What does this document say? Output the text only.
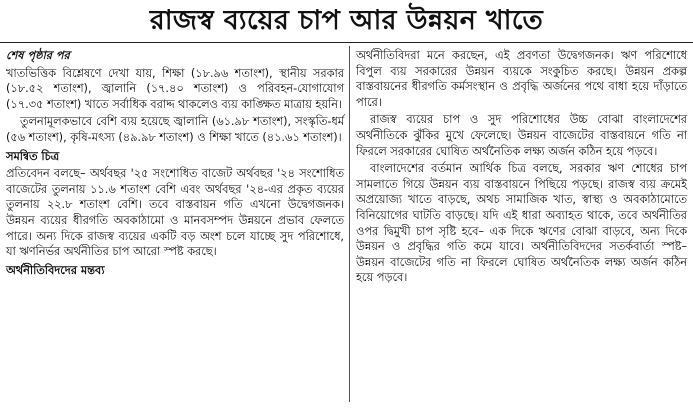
রাজস্ব ব্যয়ের চাপ আর উন্নয়ন খাতে
শেষ পৃষ্ঠার পর

খাতভিত্তিক বিশ্লেষণে দেখা যায়, শিক্ষা (১৮.৯৬ শতাংশ), স্থানীয় সরকার (১৮.৫২ শতাংশ), জ্বালানি (১৭.৪০ শতাংশ) ও পরিবহন-যোগাযোগ (১৭.৩৫ শতাংশ) খাতে সর্বাধিক বরাদ্দ থাকলেও ব্যয় কাঙ্ক্ষিত মাত্রায় হয়নি।

তুলনামূলকভাবে বেশি ব্যয় হয়েছে জ্বালানি (৬১.৯৮ শতাংশ), সংস্কৃতি-ধর্ম (৫৬ শতাংশ), কৃষি-মৎস্য (৪৯.৯৮ শতাংশ) ও শিক্ষা খাতে (৪১.৬১ শতাংশ)।

সমন্বিত চিত্র

প্রতিবেদন বলছে– অর্থবছর '২৫ সংশোধিত বাজেট অর্থবছর '২৪ সংশোধিত বাজেটের তুলনায় ১১.৬ শতাংশ বেশি এবং অর্থবছর '২৪-এর প্রকৃত ব্যয়ের তুলনায় ২২.৮ শতাংশ বেশি। তবে বাস্তবায়ন গতি এখনো উদ্বেগজনক। উন্নয়ন ব্যয়ের ধীরগতি অবকাঠামো ও মানবসম্পদ উন্নয়নে প্রভাব ফেলতে পারে। অন্য দিকে রাজস্ব ব্যয়ের একটি বড় অংশ চলে যাচ্ছে সুদ পরিশোধে, যা ঋণনির্ভর অর্থনীতির চাপ আরো স্পষ্ট করছে।

অর্থনীতিবিদদের মন্তব্য

অর্থনীতিবিদরা মনে করছেন, এই প্রবণতা উদ্বেগজনক। ঋণ পরিশোধে বিপুল ব্যয় সরকারের উন্নয়ন ব্যয়কে সংকুচিত করছে। উন্নয়ন প্রকল্প বাস্তবায়নের ধীরগতি কর্মসংস্থান ও প্রবৃদ্ধি অর্জনের পথে বাধা হয়ে দাঁড়াতে পারে।

রাজস্ব ব্যয়ের চাপ ও সুদ পরিশোধের উচ্চ বোঝা বাংলাদেশের অর্থনীতিকে ঝুঁকির মুখে ফেলেছে। উন্নয়ন বাজেটের বাস্তবায়নে গতি না ফিরলে সরকারের ঘোষিত অর্থনৈতিক লক্ষ্য অর্জন কঠিন হয়ে পড়বে।

বাংলাদেশের বর্তমান আর্থিক চিত্র বলছে, সরকার ঋণ শোধের চাপ সামলাতে গিয়ে উন্নয়ন ব্যয় বাস্তবায়নে পিছিয়ে পড়ছে। রাজস্ব ব্যয় ক্রমেই অপ্রয়োজ্য খাতে বাড়ছে, অথচ সামাজিক খাত, স্বাস্থ্য ও অবকাঠামোতে বিনিয়োগের ঘাটতি বাড়ছে। যদি এই ধারা অব্যাহত থাকে, তবে অর্থনীতির ওপর দ্বিমুখী চাপ সৃষ্টি হবে– এক দিকে ঋণের বোঝা বাড়বে, অন্য দিকে উন্নয়ন ও প্রবৃদ্ধির গতি কমে যাবে। অর্থনীতিবিদদের সতর্কবার্তা স্পষ্ট– উন্নয়ন বাজেটের গতি না ফিরলে ঘোষিত অর্থনৈতিক লক্ষ্য অর্জন কঠিন হয়ে পড়বে।
